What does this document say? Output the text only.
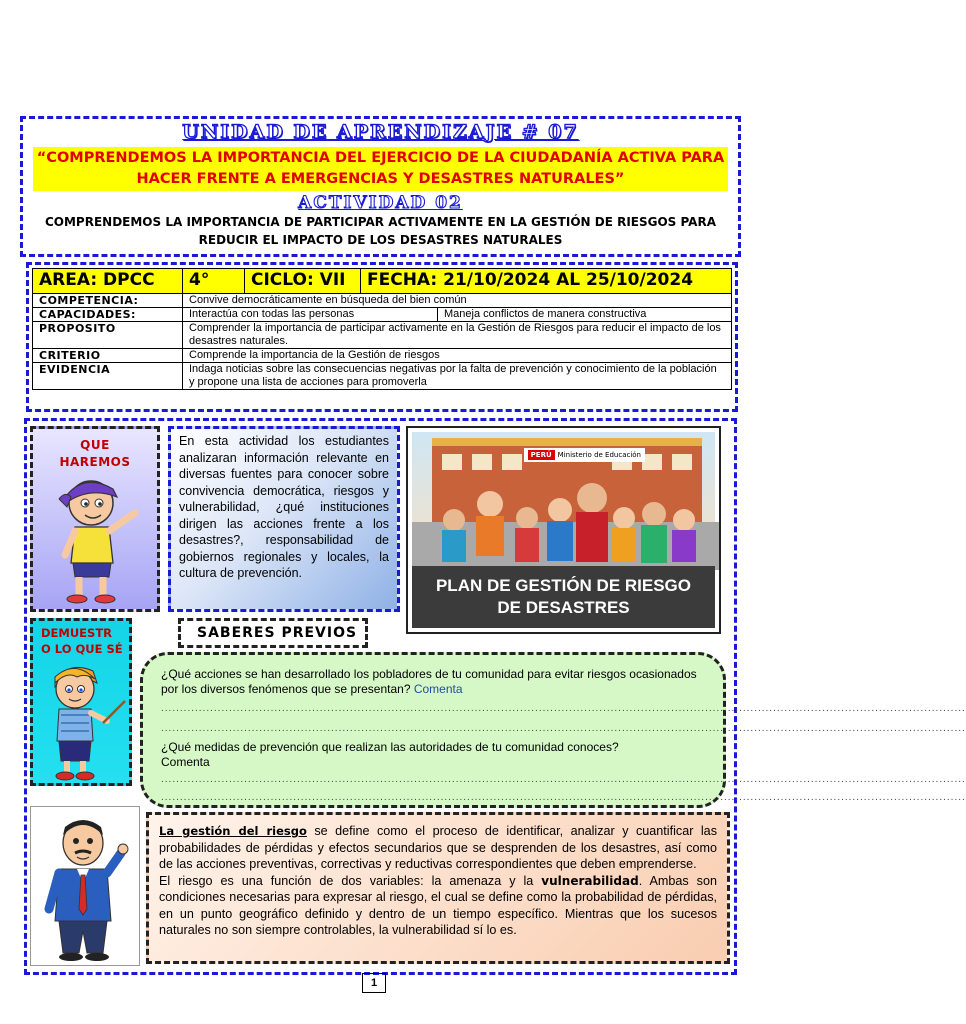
UNIDAD DE APRENDIZAJE # 07
“COMPRENDEMOS LA IMPORTANCIA DEL EJERCICIO DE LA CIUDADANÍA ACTIVA PARA HACER FRENTE A EMERGENCIAS Y DESASTRES NATURALES”
ACTIVIDAD 02
COMPRENDEMOS LA IMPORTANCIA DE PARTICIPAR ACTIVAMENTE EN LA GESTIÓN DE RIESGOS PARA REDUCIR EL IMPACTO DE LOS DESASTRES NATURALES
AREA: DPCC	4°	CICLO: VII	FECHA: 21/10/2024 AL 25/10/2024
COMPETENCIA:	Convive democráticamente en búsqueda del bien común		
CAPACIDADES:	Interactúa con todas las personas	Maneja conflictos de manera constructiva
PROPOSITO	Comprender la importancia de participar activamente en la Gestión de Riesgos para reducir el impacto de los desastres naturales.
CRITERIO	Comprende la importancia de la Gestión de riesgos
EVIDENCIA	Indaga noticias sobre las consecuencias negativas por la falta de prevención y conocimiento de la población y propone una lista de acciones para promoverla
QUE
HAREMOS
En esta actividad los estudiantes analizaran información relevante en diversas fuentes para conocer sobre convivencia democrática, riesgos y vulnerabilidad, ¿qué instituciones dirigen las acciones frente a los desastres?, responsabilidad de gobiernos regionales y locales, la cultura de prevención.
PERÚ Ministerio de Educación
PLAN DE GESTIÓN DE RIESGO
DE DESASTRES
DEMUESTR
O LO QUE SÉ
SABERES PREVIOS
¿Qué acciones se han desarrollado los pobladores de tu comunidad para evitar riesgos ocasionados por los diversos fenómenos que se presentan? Comenta
.....................................................................................................................................................................................................................
.....................................................................................................................................................................................................................
¿Qué medidas de prevención que realizan las autoridades de tu comunidad conoces?
Comenta
.....................................................................................................................................................................................................................
.....................................................................................................................................................................................................................

La gestión del riesgo se define como el proceso de identificar, analizar y cuantificar las probabilidades de pérdidas y efectos secundarios que se desprenden de los desastres, así como de las acciones preventivas, correctivas y reductivas correspondientes que deben emprenderse.

El riesgo es una función de dos variables: la amenaza y la vulnerabilidad. Ambas son condiciones necesarias para expresar al riesgo, el cual se define como la probabilidad de pérdidas, en un punto geográfico definido y dentro de un tiempo específico. Mientras que los sucesos naturales no son siempre controlables, la vulnerabilidad sí lo es.

1
